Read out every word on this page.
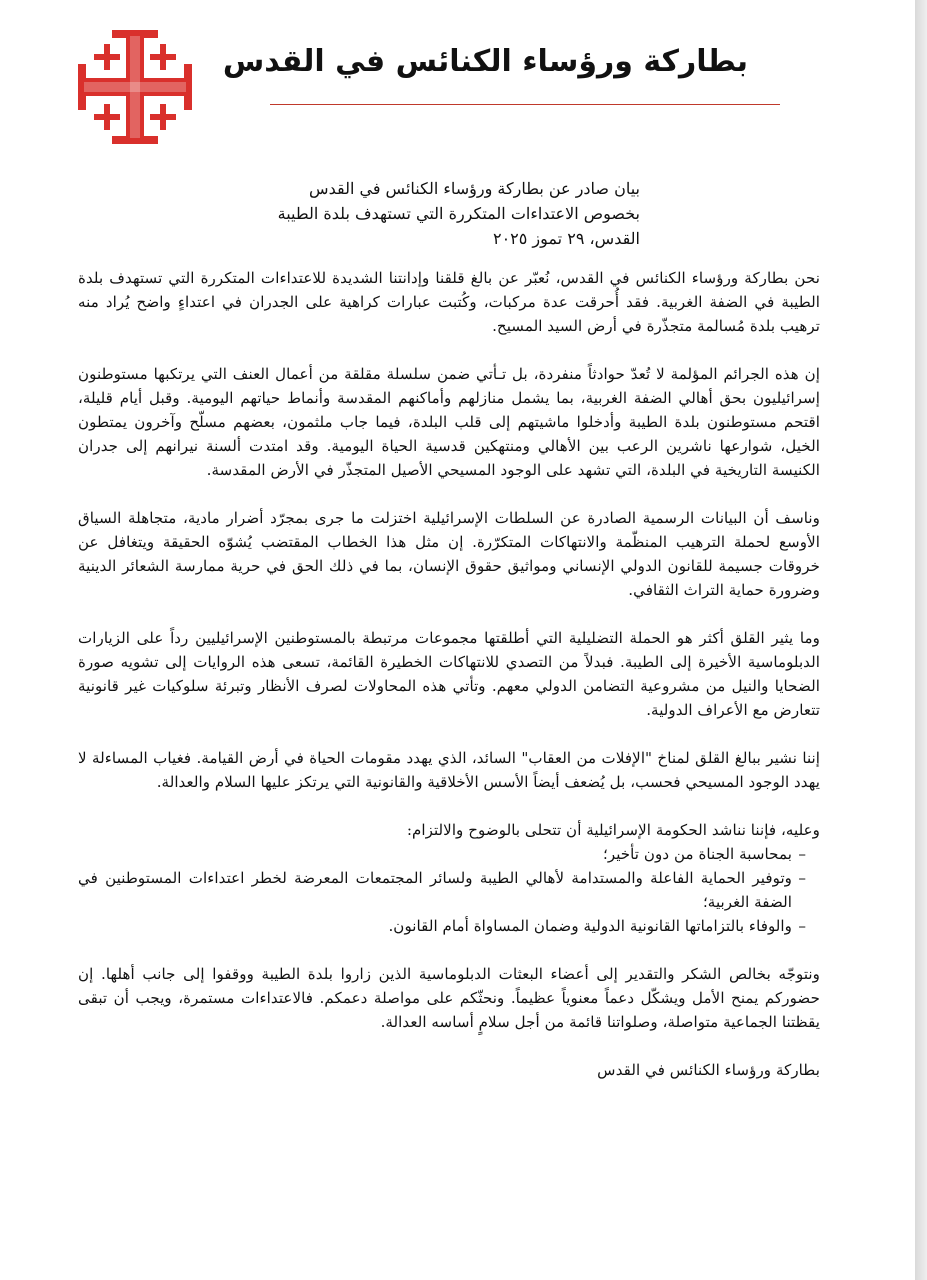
بطاركة ورؤساء الكنائس في القدس
بيان صادر عن بطاركة ورؤساء الكنائس في القدس
بخصوص الاعتداءات المتكررة التي تستهدف بلدة الطيبة
القدس، ٢٩ تموز ٢٠٢٥

نحن بطاركة ورؤساء الكنائس في القدس، نُعبّر عن بالغ قلقنا وإدانتنا الشديدة للاعتداءات المتكررة التي تستهدف بلدة الطيبة في الضفة الغربية. فقد أُحرقت عدة مركبات، وكُتبت عبارات كراهية على الجدران في اعتداءٍ واضح يُراد منه ترهيب بلدة مُسالمة متجذّرة في أرض السيد المسيح.

إن هذه الجرائم المؤلمة لا تُعدّ حوادثاً منفردة، بل تـأتي ضمن سلسلة مقلقة من أعمال العنف التي يرتكبها مستوطنون إسرائيليون بحق أهالي الضفة الغربية، بما يشمل منازلهم وأماكنهم المقدسة وأنماط حياتهم اليومية. وقبل أيام قليلة، اقتحم مستوطنون بلدة الطيبة وأدخلوا ماشيتهم إلى قلب البلدة، فيما جاب ملثمون، بعضهم مسلّح وآخرون يمتطون الخيل، شوارعها ناشرين الرعب بين الأهالي ومنتهكين قدسية الحياة اليومية. وقد امتدت ألسنة نيرانهم إلى جدران الكنيسة التاريخية في البلدة، التي تشهد على الوجود المسيحي الأصيل المتجذّر في الأرض المقدسة.

وناسف أن البيانات الرسمية الصادرة عن السلطات الإسرائيلية اختزلت ما جرى بمجرّد أضرار مادية، متجاهلة السياق الأوسع لحملة الترهيب المنظّمة والانتهاكات المتكرّرة. إن مثل هذا الخطاب المقتضب يُشوّه الحقيقة ويتغافل عن خروقات جسيمة للقانون الدولي الإنساني ومواثيق حقوق الإنسان، بما في ذلك الحق في حرية ممارسة الشعائر الدينية وضرورة حماية التراث الثقافي.

وما يثير القلق أكثر هو الحملة التضليلية التي أطلقتها مجموعات مرتبطة بالمستوطنين الإسرائيليين رداً على الزيارات الدبلوماسية الأخيرة إلى الطيبة. فبدلاً من التصدي للانتهاكات الخطيرة القائمة، تسعى هذه الروايات إلى تشويه صورة الضحايا والنيل من مشروعية التضامن الدولي معهم. وتأتي هذه المحاولات لصرف الأنظار وتبرئة سلوكيات غير قانونية تتعارض مع الأعراف الدولية.

إننا نشير ببالغ القلق لمناخ "الإفلات من العقاب" السائد، الذي يهدد مقومات الحياة في أرض القيامة. فغياب المساءلة لا يهدد الوجود المسيحي فحسب، بل يُضعف أيضاً الأسس الأخلاقية والقانونية التي يرتكز عليها السلام والعدالة.

وعليه، فإننا نناشد الحكومة الإسرائيلية أن تتحلى بالوضوح والالتزام:
–
بمحاسبة الجناة من دون تأخير؛
–
وتوفير الحماية الفاعلة والمستدامة لأهالي الطيبة ولسائر المجتمعات المعرضة لخطر اعتداءات المستوطنين في الضفة الغربية؛
–
والوفاء بالتزاماتها القانونية الدولية وضمان المساواة أمام القانون.

ونتوجّه بخالص الشكر والتقدير إلى أعضاء البعثات الدبلوماسية الذين زاروا بلدة الطيبة ووقفوا إلى جانب أهلها. إن حضوركم يمنح الأمل ويشكّل دعماً معنوياً عظيماً. ونحثّكم على مواصلة دعمكم. فالاعتداءات مستمرة، ويجب أن تبقى يقظتنا الجماعية متواصلة، وصلواتنا قائمة من أجل سلامٍ أساسه العدالة.

بطاركة ورؤساء الكنائس في القدس
